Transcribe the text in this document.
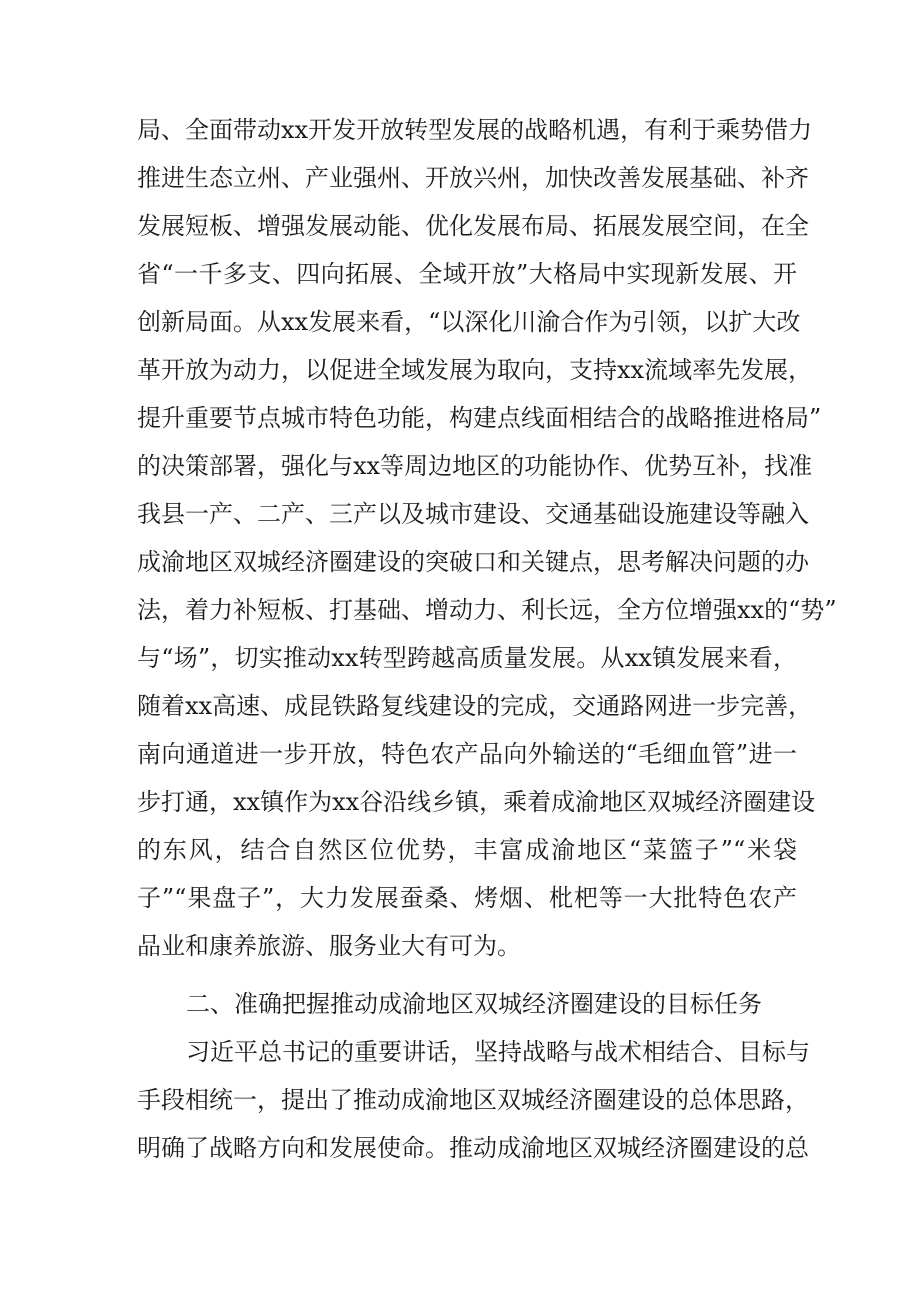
局、全面带动xx开发开放转型发展的战略机遇，有利于乘势借力
推进生态立州、产业强州、开放兴州，加快改善发展基础、补齐
发展短板、增强发展动能、优化发展布局、拓展发展空间，在全
省“一千多支、四向拓展、全域开放”大格局中实现新发展、开
创新局面。从xx发展来看，“以深化川渝合作为引领，以扩大改
革开放为动力，以促进全域发展为取向，支持xx流域率先发展，
提升重要节点城市特色功能，构建点线面相结合的战略推进格局”
的决策部署，强化与xx等周边地区的功能协作、优势互补，找准
我县一产、二产、三产以及城市建设、交通基础设施建设等融入
成渝地区双城经济圈建设的突破口和关键点，思考解决问题的办
法，着力补短板、打基础、增动力、利长远，全方位增强xx的“势”
与“场”，切实推动xx转型跨越高质量发展。从xx镇发展来看，
随着xx高速、成昆铁路复线建设的完成，交通路网进一步完善，
南向通道进一步开放，特色农产品向外输送的“毛细血管”进一
步打通，xx镇作为xx谷沿线乡镇，乘着成渝地区双城经济圈建设
的东风，结合自然区位优势，丰富成渝地区“菜篮子”“米袋
子”“果盘子”，大力发展蚕桑、烤烟、枇杷等一大批特色农产
品业和康养旅游、服务业大有可为。
二、准确把握推动成渝地区双城经济圈建设的目标任务
习近平总书记的重要讲话，坚持战略与战术相结合、目标与
手段相统一，提出了推动成渝地区双城经济圈建设的总体思路，
明确了战略方向和发展使命。推动成渝地区双城经济圈建设的总
